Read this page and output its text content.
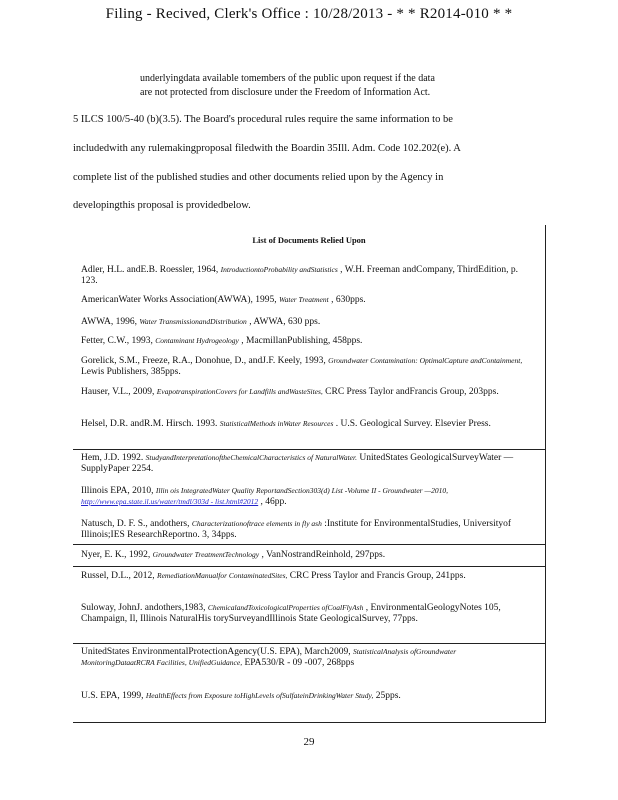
Filing - Recived, Clerk's Office : 10/28/2013 - * * R2014-010 * *
underlyingdata available tomembers of the public upon request if the data
are not protected from disclosure under the Freedom of Information Act.
5 ILCS 100/5-40 (b)(3.5). The Board's procedural rules require the same information to be
includedwith any rulemakingproposal filedwith the Boardin 35Ill. Adm. Code 102.202(e). A
complete list of the published studies and other documents relied upon by the Agency in
developingthis proposal is providedbelow.
List of Documents Relied Upon
Adler, H.L. andE.B. Roessler, 1964, IntroductiontoProbability andStatistics , W.H. Freeman andCompany, ThirdEdition, p. 123.
AmericanWater Works Association(AWWA), 1995, Water Treatment , 630pps.
AWWA, 1996, Water TransmissionandDistribution , AWWA, 630 pps.
Fetter, C.W., 1993, Contaminant Hydrogeology , MacmillanPublishing, 458pps.
Gorelick, S.M., Freeze, R.A., Donohue, D., andJ.F. Keely, 1993, Groundwater Contamination: OptimalCapture andContainment, Lewis Publishers, 385pps.
Hauser, V.L., 2009, EvapotranspirationCovers for Landfills andWasteSites, CRC Press Taylor andFrancis Group, 203pps.
Helsel, D.R. andR.M. Hirsch. 1993. StatisticalMethods inWater Resources . U.S. Geological Survey. Elsevier Press.
Hem, J.D. 1992. StudyandInterpretationoftheChemicalCharacteristics of NaturalWater. UnitedStates GeologicalSurveyWater —SupplyPaper 2254.
Illinois EPA, 2010, Illin ois IntegratedWater Quality ReportandSection303(d) List -Volume II - Groundwater —2010, http://www.epa.state.il.us/water/tmdl/303d - list.html#2012 , 46pp.
Natusch, D. F. S., andothers, Characterizationoftrace elements in fly ash :Institute for EnvironmentalStudies, Universityof Illinois;IES ResearchReportno. 3, 34pps.
Nyer, E. K., 1992, Groundwater TreatmentTechnology , VanNostrandReinhold, 297pps.
Russel, D.L., 2012, RemediationManualfor ContaminatedSites, CRC Press Taylor and Francis Group, 241pps.
Suloway, JohnJ. andothers,1983, ChemicalandToxicologicalProperties ofCoalFlyAsh , EnvironmentalGeologyNotes 105, Champaign, Il, Illinois NaturalHis torySurveyandIllinois State GeologicalSurvey, 77pps.
UnitedStates EnvironmentalProtectionAgency(U.S. EPA), March2009, StatisticalAnalysis ofGroundwater MonitoringDataatRCRA Facilities, UnifiedGuidance, EPA530/R - 09 -007, 268pps
U.S. EPA, 1999, HealthEffects from Exposure toHighLevels ofSulfateinDrinkingWater Study, 25pps.
29
